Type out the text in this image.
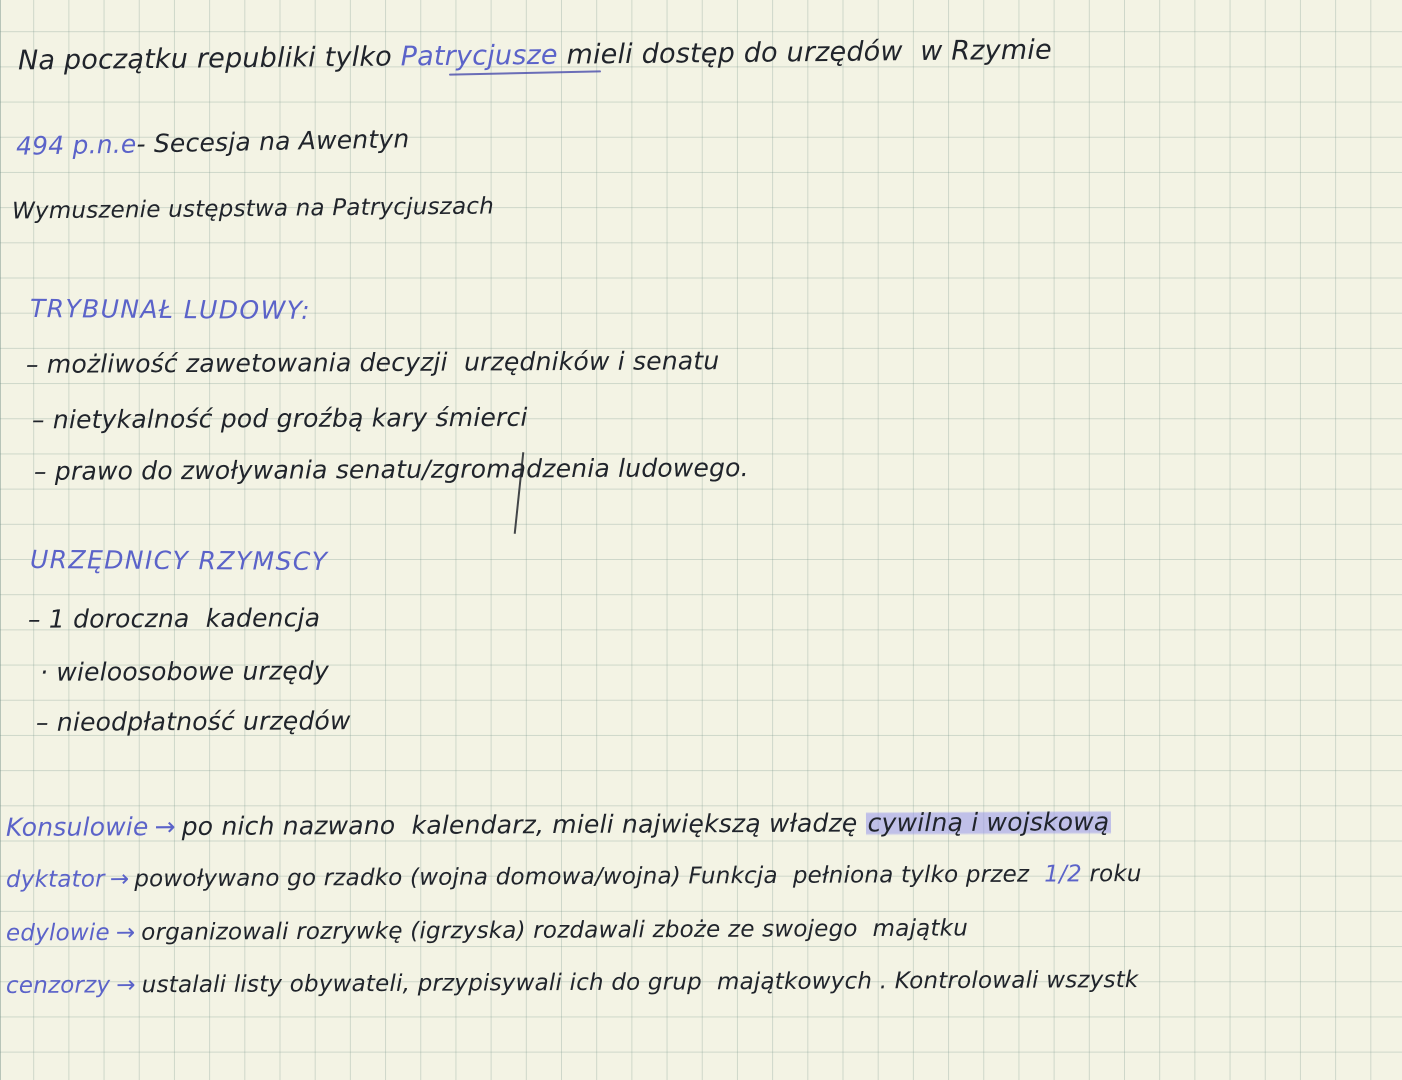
Na początku republiki tylko Patrycjusze mieli dostęp do urzędów  w Rzymie
494 p.n.e- Secesja na Awentyn
Wymuszenie ustępstwa na Patrycjuszach
TRYBUNAŁ LUDOWY:
– możliwość zawetowania decyzji  urzędników i senatu
– nietykalność pod groźbą kary śmierci
– prawo do zwoływania senatu/zgromadzenia ludowego.
URZĘDNICY RZYMSCY
– 1 doroczna  kadencja
· wieloosobowe urzędy
– nieodpłatność urzędów
Konsulowie → po nich nazwano  kalendarz, mieli największą władzę cywilną i wojskową
dyktator → powoływano go rzadko (wojna domowa/wojna) Funkcja  pełniona tylko przez  1/2 roku
edylowie → organizowali rozrywkę (igrzyska) rozdawali zboże ze swojego  majątku
cenzorzy → ustalali listy obywateli, przypisywali ich do grup  majątkowych . Kontrolowali wszystk
